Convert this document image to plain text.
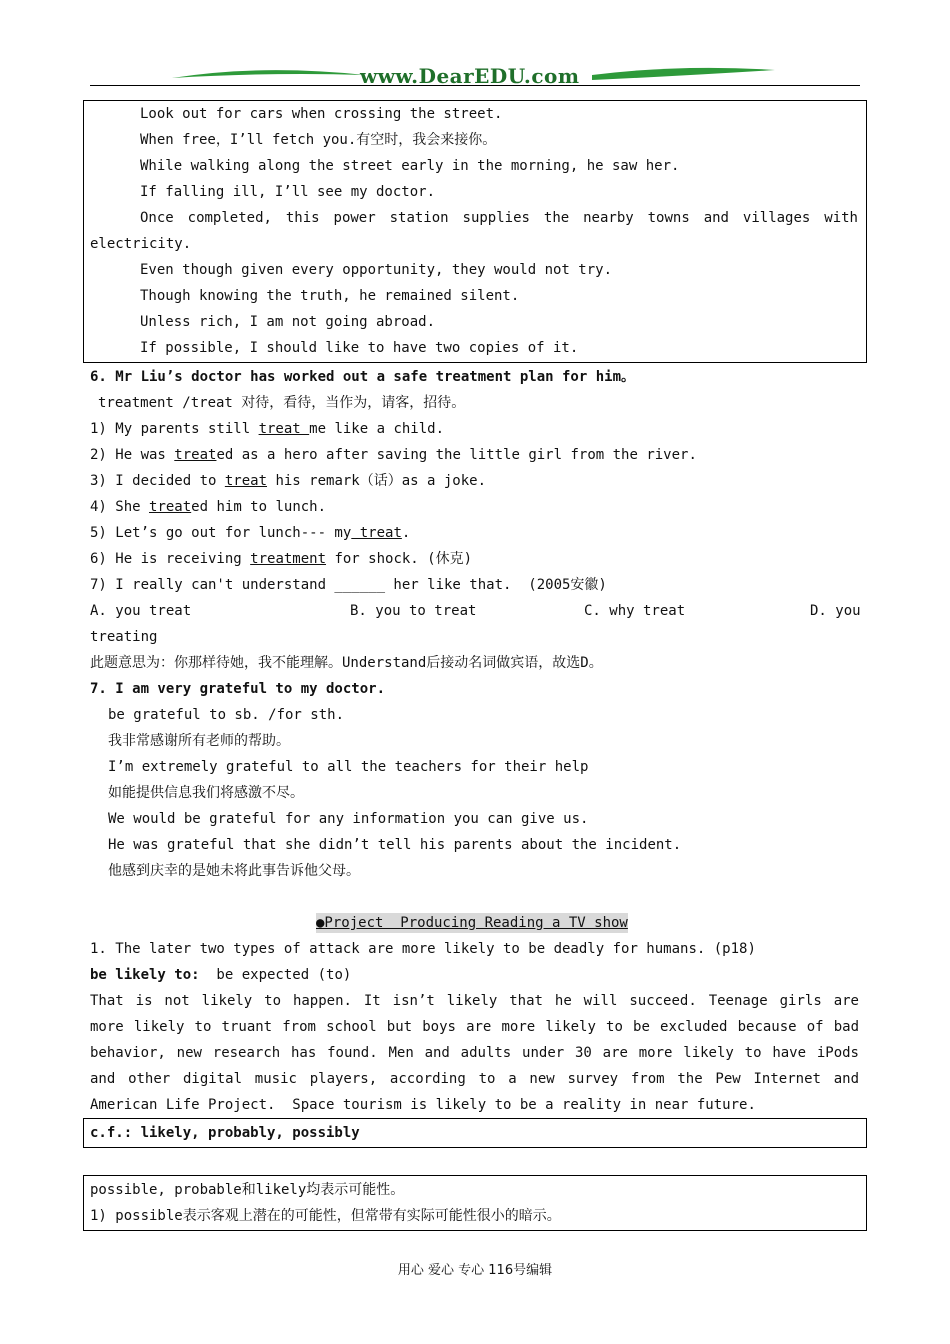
www.DearEDU.com
Look out for cars when crossing the street.
When free，I’ll fetch you.有空时，我会来接你。
While walking along the street early in the morning, he saw her.
If falling ill, I’ll see my doctor.
Once completed, this power station supplies the nearby towns and villages with
electricity.
Even though given every opportunity, they would not try.
Though knowing the truth, he remained silent.
Unless rich, I am not going abroad.
If possible, I should like to have two copies of it.
6. Mr Liu’s doctor has worked out a safe treatment plan for him。
treatment /treat 对待，看待，当作为，请客，招待。
1) My parents still treat me like a child.
2) He was treated as a hero after saving the little girl from the river.
3) I decided to treat his remark（话）as a joke.
4) She treated him to lunch.
5) Let’s go out for lunch--- my treat.
6) He is receiving treatment for shock. (休克)
7) I really can't understand ______ her like that.  (2005安徽)
A. you treat	B. you to treat	C. why treat	D. you
treating
此题意思为：你那样待她，我不能理解。Understand后接动名词做宾语，故选D。
7. I am very grateful to my doctor.
be grateful to sb. /for sth.
我非常感谢所有老师的帮助。
I’m extremely grateful to all the teachers for their help
如能提供信息我们将感激不尽。
We would be grateful for any information you can give us.
He was grateful that she didn’t tell his parents about the incident.
他感到庆幸的是她未将此事告诉他父母。
●Project  Producing Reading a TV show
1. The later two types of attack are more likely to be deadly for humans. (p18)
be likely to:  be expected (to)
That is not likely to happen. It isn’t likely that he will succeed. Teenage girls are
more likely to truant from school but boys are more likely to be excluded because of bad
behavior, new research has found. Men and adults under 30 are more likely to have iPods
and other digital music players, according to a new survey from the Pew Internet and
American Life Project.  Space tourism is likely to be a reality in near future.
c.f.: likely, probably, possibly
possible, probable和likely均表示可能性。
1) possible表示客观上潜在的可能性，但常带有实际可能性很小的暗示。
用心 爱心 专心 116号编辑
